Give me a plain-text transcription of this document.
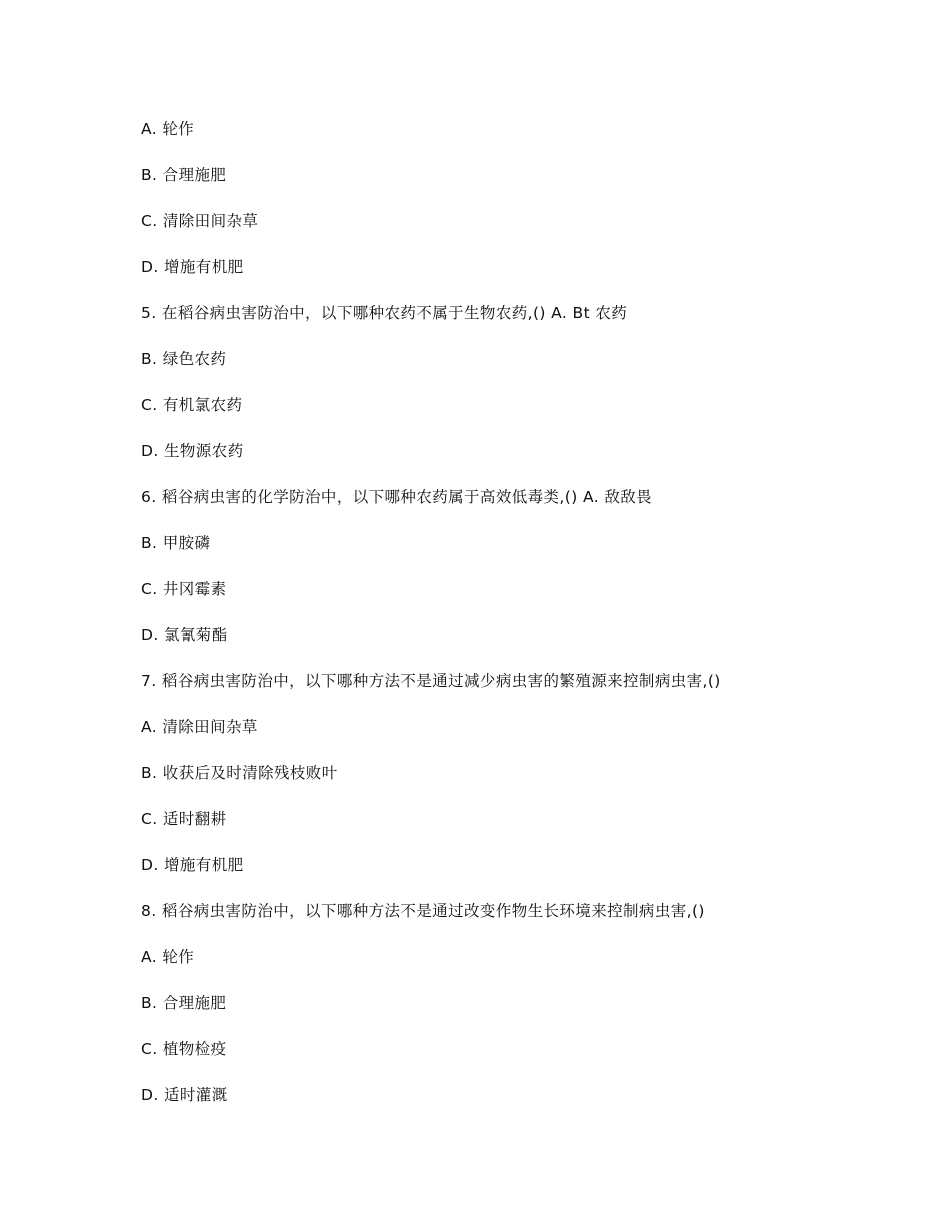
A. 轮作
B. 合理施肥
C. 清除田间杂草
D. 增施有机肥
5. 在稻谷病虫害防治中，以下哪种农药不属于生物农药,() A. Bt 农药
B. 绿色农药
C. 有机氯农药
D. 生物源农药
6. 稻谷病虫害的化学防治中，以下哪种农药属于高效低毒类,() A. 敌敌畏
B. 甲胺磷
C. 井冈霉素
D. 氯氰菊酯
7. 稻谷病虫害防治中，以下哪种方法不是通过减少病虫害的繁殖源来控制病虫害,()
A. 清除田间杂草
B. 收获后及时清除残枝败叶
C. 适时翻耕
D. 增施有机肥
8. 稻谷病虫害防治中，以下哪种方法不是通过改变作物生长环境来控制病虫害,()
A. 轮作
B. 合理施肥
C. 植物检疫
D. 适时灌溉
